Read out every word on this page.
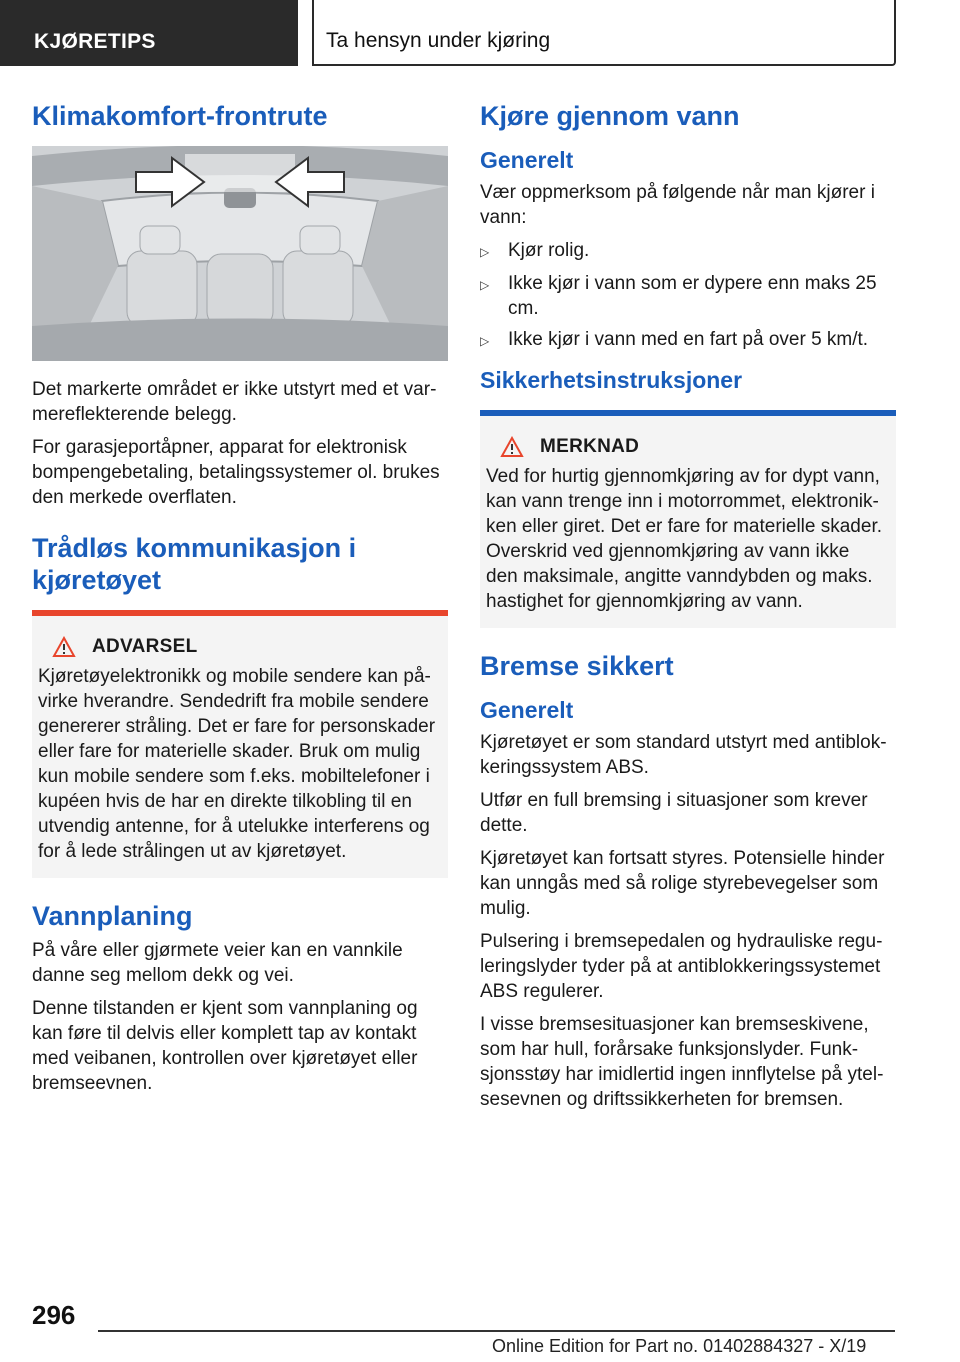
KJØRETIPS	Ta hensyn under kjøring
Klimakomfort-frontrute

Det markerte området er ikke utstyrt med et varmereflekterende belegg.

For garasjeportåpner, apparat for elektronisk bompengebetaling, betalingssystemer ol. brukes den merkede overflaten.

Trådløs kommunikasjon i kjøretøyet
ADVARSEL

Kjøretøyelektronikk og mobile sendere kan påvirke hverandre. Sendedrift fra mobile sendere genererer stråling. Det er fare for personskader eller fare for materielle skader. Bruk om mulig kun mobile sendere som f.eks. mobiltelefoner i kupéen hvis de har en direkte tilkobling til en utvendig antenne, for å utelukke interferens og for å lede strålingen ut av kjøretøyet.

Vannplaning

På våre eller gjørmete veier kan en vannkile danne seg mellom dekk og vei.

Denne tilstanden er kjent som vannplaning og kan føre til delvis eller komplett tap av kontakt med veibanen, kontrollen over kjøretøyet eller bremseevnen.

Kjøre gjennom vann
Generelt

Vær oppmerksom på følgende når man kjører i vann:

▷ Kjør rolig.
▷ Ikke kjør i vann som er dypere enn maks 25 cm.
▷ Ikke kjør i vann med en fart på over 5 km/t.
Sikkerhetsinstruksjoner
MERKNAD

Ved for hurtig gjennomkjøring av for dypt vann, kan vann trenge inn i motorrommet, elektronikken eller giret. Det er fare for materielle skader. Overskrid ved gjennomkjøring av vann ikke den maksimale, angitte vanndybden og maks. hastighet for gjennomkjøring av vann.

Bremse sikkert
Generelt

Kjøretøyet er som standard utstyrt med antiblokkeringssystem ABS.

Utfør en full bremsing i situasjoner som krever dette.

Kjøretøyet kan fortsatt styres. Potensielle hinder kan unngås med så rolige styrebevegelser som mulig.

Pulsering i bremsepedalen og hydrauliske reguleringslyder tyder på at antiblokkeringssystemet ABS regulerer.

I visse bremsesituasjoner kan bremseskivene, som har hull, forårsake funksjonslyder. Funksjonsstøy har imidlertid ingen innflytelse på ytelsesevnen og driftssikkerheten for bremsen.

296
Online Edition for Part no. 01402884327 - X/19
